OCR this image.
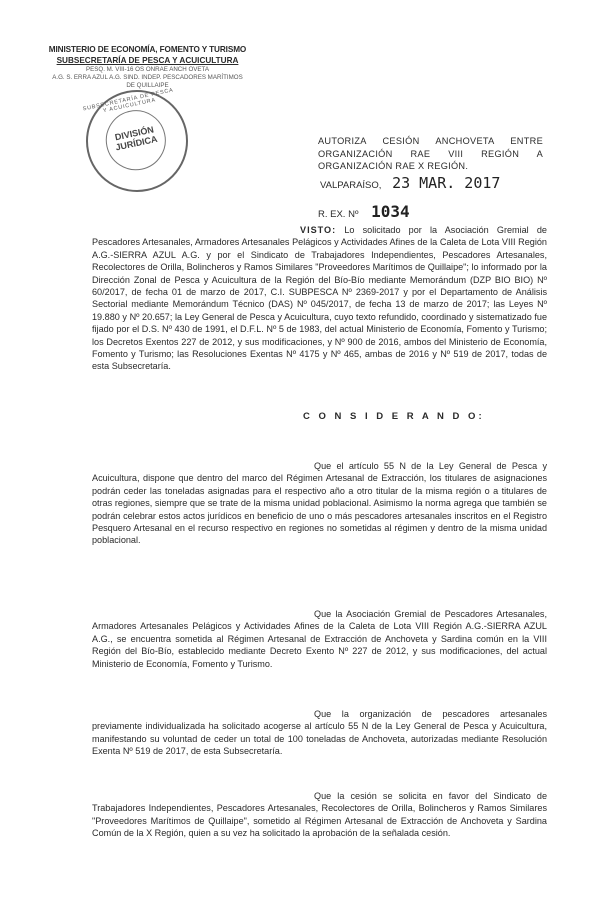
MINISTERIO DE ECONOMÍA, FOMENTO Y TURISMO
SUBSECRETARÍA DE PESCA Y ACUICULTURA
PESQ. M. VIII-16 OS ONRAE ANCH OVETA
A.G. S. ERRA AZUL A.G. SIND. INDEP. PESCADORES MARÍTIMOS
DE QUILLAIPE
SUBSECRETARÍA DE PESCA Y ACUICULTURA
DIVISIÓN JURÍDICA	AUTORIZA CESIÓN ANCHOVETA ENTRE ORGANIZACIÓN RAE VIII REGIÓN A ORGANIZACIÓN RAE X REGIÓN.
VALPARAÍSO, 23 MAR. 2017
R. EX. Nº 1034
VISTO: Lo solicitado por la Asociación Gremial de Pescadores Artesanales, Armadores Artesanales Pelágicos y Actividades Afines de la Caleta de Lota VIII Región A.G.-SIERRA AZUL A.G. y por el Sindicato de Trabajadores Independientes, Pescadores Artesanales, Recolectores de Orilla, Bolincheros y Ramos Similares "Proveedores Marítimos de Quillaipe"; lo informado por la Dirección Zonal de Pesca y Acuicultura de la Región del Bío-Bío mediante Memorándum (DZP BIO BIO) Nº 60/2017, de fecha 01 de marzo de 2017, C.I. SUBPESCA Nº 2369-2017 y por el Departamento de Análisis Sectorial mediante Memorándum Técnico (DAS) Nº 045/2017, de fecha 13 de marzo de 2017; las Leyes Nº 19.880 y Nº 20.657; la Ley General de Pesca y Acuicultura, cuyo texto refundido, coordinado y sistematizado fue fijado por el D.S. Nº 430 de 1991, el D.F.L. Nº 5 de 1983, del actual Ministerio de Economía, Fomento y Turismo; los Decretos Exentos 227 de 2012, y sus modificaciones, y Nº 900 de 2016, ambos del Ministerio de Economía, Fomento y Turismo; las Resoluciones Exentas Nº 4175 y Nº 465, ambas de 2016 y Nº 519 de 2017, todas de esta Subsecretaría.
C O N S I D E R A N D O:
Que el artículo 55 N de la Ley General de Pesca y Acuicultura, dispone que dentro del marco del Régimen Artesanal de Extracción, los titulares de asignaciones podrán ceder las toneladas asignadas para el respectivo año a otro titular de la misma región o a titulares de otras regiones, siempre que se trate de la misma unidad poblacional. Asimismo la norma agrega que también se podrán celebrar estos actos jurídicos en beneficio de uno o más pescadores artesanales inscritos en el Registro Pesquero Artesanal en el recurso respectivo en regiones no sometidas al régimen y dentro de la misma unidad poblacional.
Que la Asociación Gremial de Pescadores Artesanales, Armadores Artesanales Pelágicos y Actividades Afines de la Caleta de Lota VIII Región A.G.-SIERRA AZUL A.G., se encuentra sometida al Régimen Artesanal de Extracción de Anchoveta y Sardina común en la VIII Región del Bío-Bío, establecido mediante Decreto Exento Nº 227 de 2012, y sus modificaciones, del actual Ministerio de Economía, Fomento y Turismo.
Que la organización de pescadores artesanales previamente individualizada ha solicitado acogerse al artículo 55 N de la Ley General de Pesca y Acuicultura, manifestando su voluntad de ceder un total de 100 toneladas de Anchoveta, autorizadas mediante Resolución Exenta Nº 519 de 2017, de esta Subsecretaría.
Que la cesión se solicita en favor del Sindicato de Trabajadores Independientes, Pescadores Artesanales, Recolectores de Orilla, Bolincheros y Ramos Similares "Proveedores Marítimos de Quillaipe", sometido al Régimen Artesanal de Extracción de Anchoveta y Sardina Común de la X Región, quien a su vez ha solicitado la aprobación de la señalada cesión.
